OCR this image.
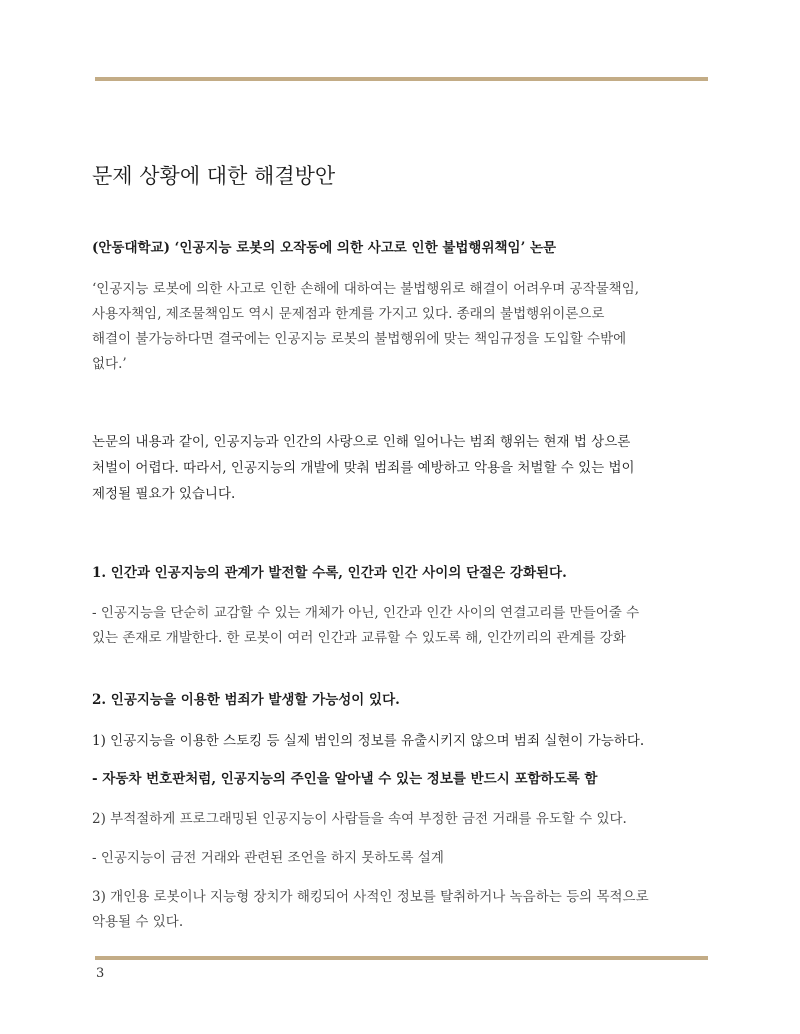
문제 상황에 대한 해결방안
(안동대학교) ‘인공지능 로봇의 오작동에 의한 사고로 인한 불법행위책임’ 논문
‘인공지능 로봇에 의한 사고로 인한 손해에 대하여는 불법행위로 해결이 어려우며 공작물책임,
사용자책임, 제조물책임도 역시 문제점과 한계를 가지고 있다. 종래의 불법행위이론으로
해결이 불가능하다면 결국에는 인공지능 로봇의 불법행위에 맞는 책임규정을 도입할 수밖에
없다.’
논문의 내용과 같이, 인공지능과 인간의 사랑으로 인해 일어나는 범죄 행위는 현재 법 상으론
처벌이 어렵다. 따라서, 인공지능의 개발에 맞춰 범죄를 예방하고 악용을 처벌할 수 있는 법이
제정될 필요가 있습니다.
1. 인간과 인공지능의 관계가 발전할 수록, 인간과 인간 사이의 단절은 강화된다.
- 인공지능을 단순히 교감할 수 있는 개체가 아닌, 인간과 인간 사이의 연결고리를 만들어줄 수
있는 존재로 개발한다. 한 로봇이 여러 인간과 교류할 수 있도록 해, 인간끼리의 관계를 강화
2. 인공지능을 이용한 범죄가 발생할 가능성이 있다.
1) 인공지능을 이용한 스토킹 등 실제 범인의 정보를 유출시키지 않으며 범죄 실현이 가능하다.
- 자동차 번호판처럼, 인공지능의 주인을 알아낼 수 있는 정보를 반드시 포함하도록 함
2) 부적절하게 프로그래밍된 인공지능이 사람들을 속여 부정한 금전 거래를 유도할 수 있다.
- 인공지능이 금전 거래와 관련된 조언을 하지 못하도록 설계
3) 개인용 로봇이나 지능형 장치가 해킹되어 사적인 정보를 탈취하거나 녹음하는 등의 목적으로
악용될 수 있다.
3
